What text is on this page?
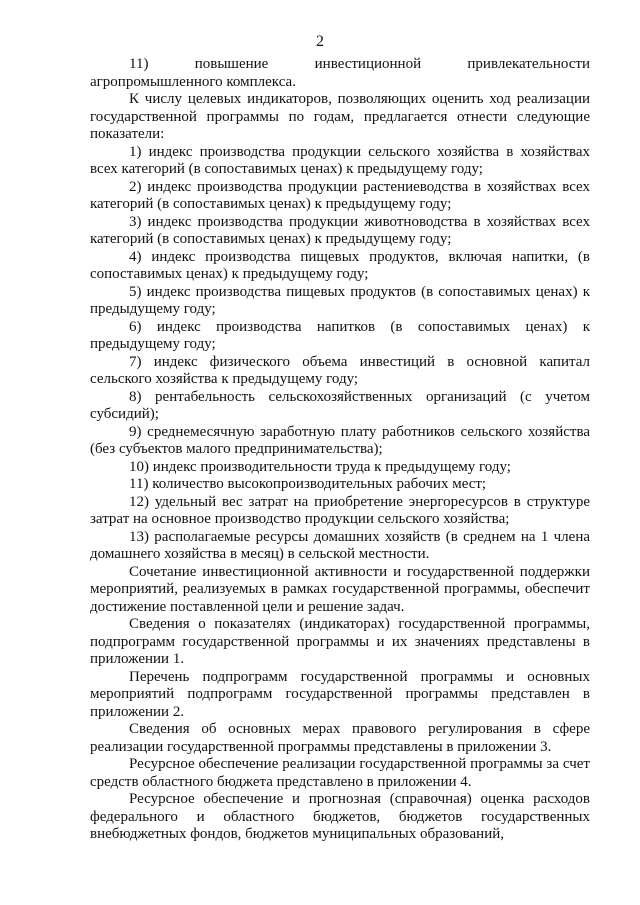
2

11) повышение инвестиционной привлекательности агропромышленного комплекса.

К числу целевых индикаторов, позволяющих оценить ход реализации государственной программы по годам, предлагается отнести следующие показатели:

1) индекс производства продукции сельского хозяйства в хозяйствах всех категорий (в сопоставимых ценах) к предыдущему году;

2) индекс производства продукции растениеводства в хозяйствах всех категорий (в сопоставимых ценах) к предыдущему году;

3) индекс производства продукции животноводства в хозяйствах всех категорий (в сопоставимых ценах) к предыдущему году;

4) индекс производства пищевых продуктов, включая напитки, (в сопоставимых ценах) к предыдущему году;

5) индекс производства пищевых продуктов (в сопоставимых ценах) к предыдущему году;

6) индекс производства напитков (в сопоставимых ценах) к предыдущему году;

7) индекс физического объема инвестиций в основной капитал сельского хозяйства к предыдущему году;

8) рентабельность сельскохозяйственных организаций (с учетом субсидий);

9) среднемесячную заработную плату работников сельского хозяйства (без субъектов малого предпринимательства);

10) индекс производительности труда к предыдущему году;

11) количество высокопроизводительных рабочих мест;

12) удельный вес затрат на приобретение энергоресурсов в структуре затрат на основное производство продукции сельского хозяйства;

13) располагаемые ресурсы домашних хозяйств (в среднем на 1 члена домашнего хозяйства в месяц) в сельской местности.

Сочетание инвестиционной активности и государственной поддержки мероприятий, реализуемых в рамках государственной программы, обеспечит достижение поставленной цели и решение задач.

Сведения о показателях (индикаторах) государственной программы, подпрограмм государственной программы и их значениях представлены в приложении 1.

Перечень подпрограмм государственной программы и основных мероприятий подпрограмм государственной программы представлен в приложении 2.

Сведения об основных мерах правового регулирования в сфере реализации государственной программы представлены в приложении 3.

Ресурсное обеспечение реализации государственной программы за счет средств областного бюджета представлено в приложении 4.

Ресурсное обеспечение и прогнозная (справочная) оценка расходов федерального и областного бюджетов, бюджетов государственных внебюджетных фондов, бюджетов муниципальных образований,
